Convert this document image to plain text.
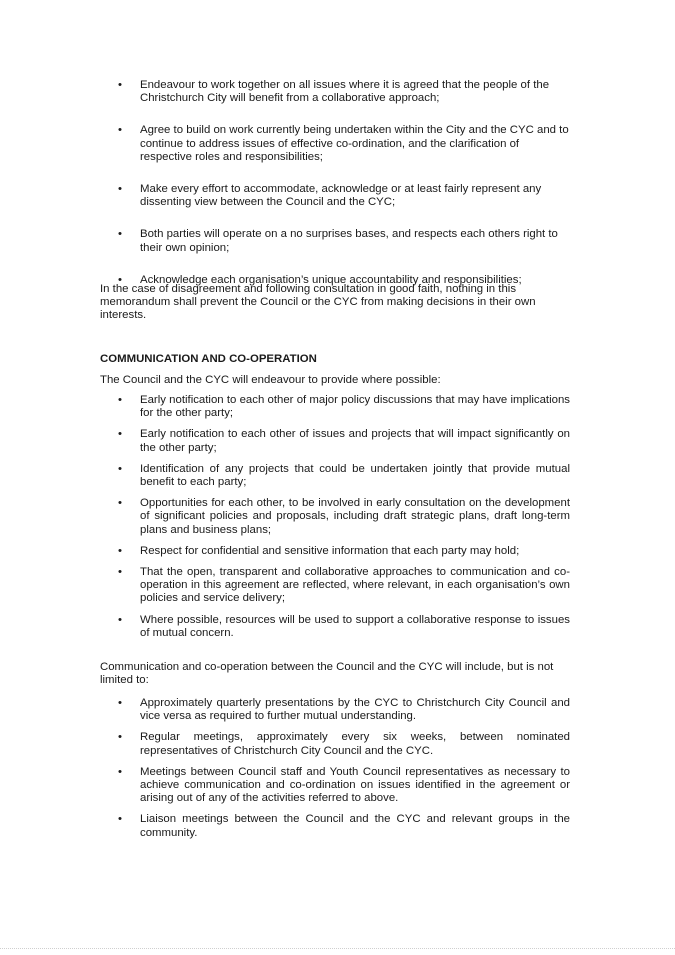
• Endeavour to work together on all issues where it is agreed that the people of the Christchurch City will benefit from a collaborative approach;
• Agree to build on work currently being undertaken within the City and the CYC and to continue to address issues of effective co-ordination, and the clarification of respective roles and responsibilities;
• Make every effort to accommodate, acknowledge or at least fairly represent any dissenting view between the Council and the CYC;
• Both parties will operate on a no surprises bases, and respects each others right to their own opinion;
• Acknowledge each organisation’s unique accountability and responsibilities;

In the case of disagreement and following consultation in good faith, nothing in this memorandum shall prevent the Council or the CYC from making decisions in their own interests.

COMMUNICATION AND CO-OPERATION

The Council and the CYC will endeavour to provide where possible:

• Early notification to each other of major policy discussions that may have implications for the other party;
• Early notification to each other of issues and projects that will impact significantly on the other party;
• Identification of any projects that could be undertaken jointly that provide mutual benefit to each party;
• Opportunities for each other, to be involved in early consultation on the development of significant policies and proposals, including draft strategic plans, draft long-term plans and business plans;
• Respect for confidential and sensitive information that each party may hold;
• That the open, transparent and collaborative approaches to communication and co-operation in this agreement are reflected, where relevant, in each organisation’s own policies and service delivery;
• Where possible, resources will be used to support a collaborative response to issues of mutual concern.

Communication and co-operation between the Council and the CYC will include, but is not limited to:

• Approximately quarterly presentations by the CYC to Christchurch City Council and vice versa as required to further mutual understanding.
• Regular meetings, approximately every six weeks, between nominated representatives of Christchurch City Council and the CYC.
• Meetings between Council staff and Youth Council representatives as necessary to achieve communication and co-ordination on issues identified in the agreement or arising out of any of the activities referred to above.
• Liaison meetings between the Council and the CYC and relevant groups in the community.
